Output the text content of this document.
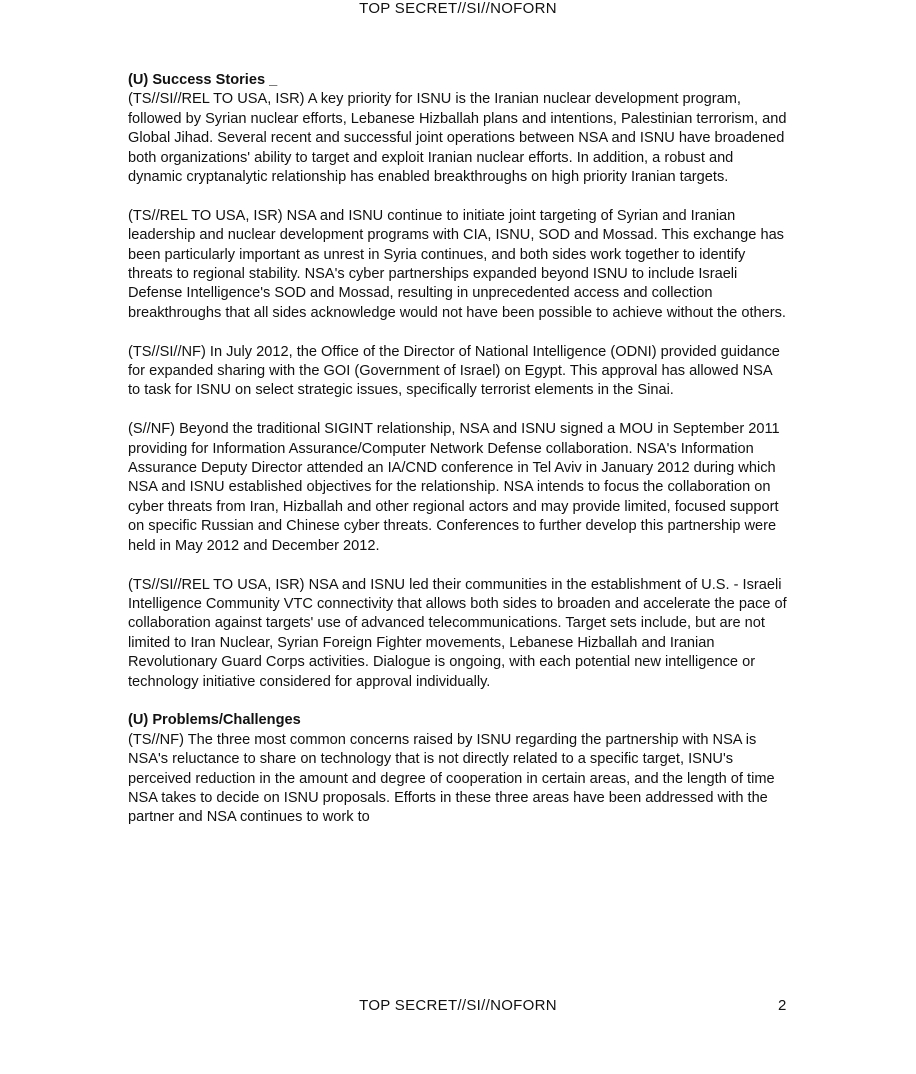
TOP SECRET//SI//NOFORN

(U) Success Stories _

(TS//SI//REL TO USA, ISR) A key priority for ISNU is the Iranian nuclear development program, followed by Syrian nuclear efforts, Lebanese Hizballah plans and intentions, Palestinian terrorism, and Global Jihad. Several recent and successful joint operations between NSA and ISNU have broadened both organizations' ability to target and exploit Iranian nuclear efforts. In addition, a robust and dynamic cryptanalytic relationship has enabled breakthroughs on high priority Iranian targets.

(TS//REL TO USA, ISR) NSA and ISNU continue to initiate joint targeting of Syrian and Iranian leadership and nuclear development programs with CIA, ISNU, SOD and Mossad. This exchange has been particularly important as unrest in Syria continues, and both sides work together to identify threats to regional stability. NSA's cyber partnerships expanded beyond ISNU to include Israeli Defense Intelligence's SOD and Mossad, resulting in unprecedented access and collection breakthroughs that all sides acknowledge would not have been possible to achieve without the others.

(TS//SI//NF) In July 2012, the Office of the Director of National Intelligence (ODNI) provided guidance for expanded sharing with the GOI (Government of Israel) on Egypt. This approval has allowed NSA to task for ISNU on select strategic issues, specifically terrorist elements in the Sinai.

(S//NF) Beyond the traditional SIGINT relationship, NSA and ISNU signed a MOU in September 2011 providing for Information Assurance/Computer Network Defense collaboration. NSA's Information Assurance Deputy Director attended an IA/CND conference in Tel Aviv in January 2012 during which NSA and ISNU established objectives for the relationship. NSA intends to focus the collaboration on cyber threats from Iran, Hizballah and other regional actors and may provide limited, focused support on specific Russian and Chinese cyber threats. Conferences to further develop this partnership were held in May 2012 and December 2012.

(TS//SI//REL TO USA, ISR) NSA and ISNU led their communities in the establishment of U.S. - Israeli Intelligence Community VTC connectivity that allows both sides to broaden and accelerate the pace of collaboration against targets' use of advanced telecommunications. Target sets include, but are not limited to Iran Nuclear, Syrian Foreign Fighter movements, Lebanese Hizballah and Iranian Revolutionary Guard Corps activities. Dialogue is ongoing, with each potential new intelligence or technology initiative considered for approval individually.

(U) Problems/Challenges

(TS//NF) The three most common concerns raised by ISNU regarding the partnership with NSA is NSA's reluctance to share on technology that is not directly related to a specific target, ISNU's perceived reduction in the amount and degree of cooperation in certain areas, and the length of time NSA takes to decide on ISNU proposals. Efforts in these three areas have been addressed with the partner and NSA continues to work to

TOP SECRET//SI//NOFORN	2
